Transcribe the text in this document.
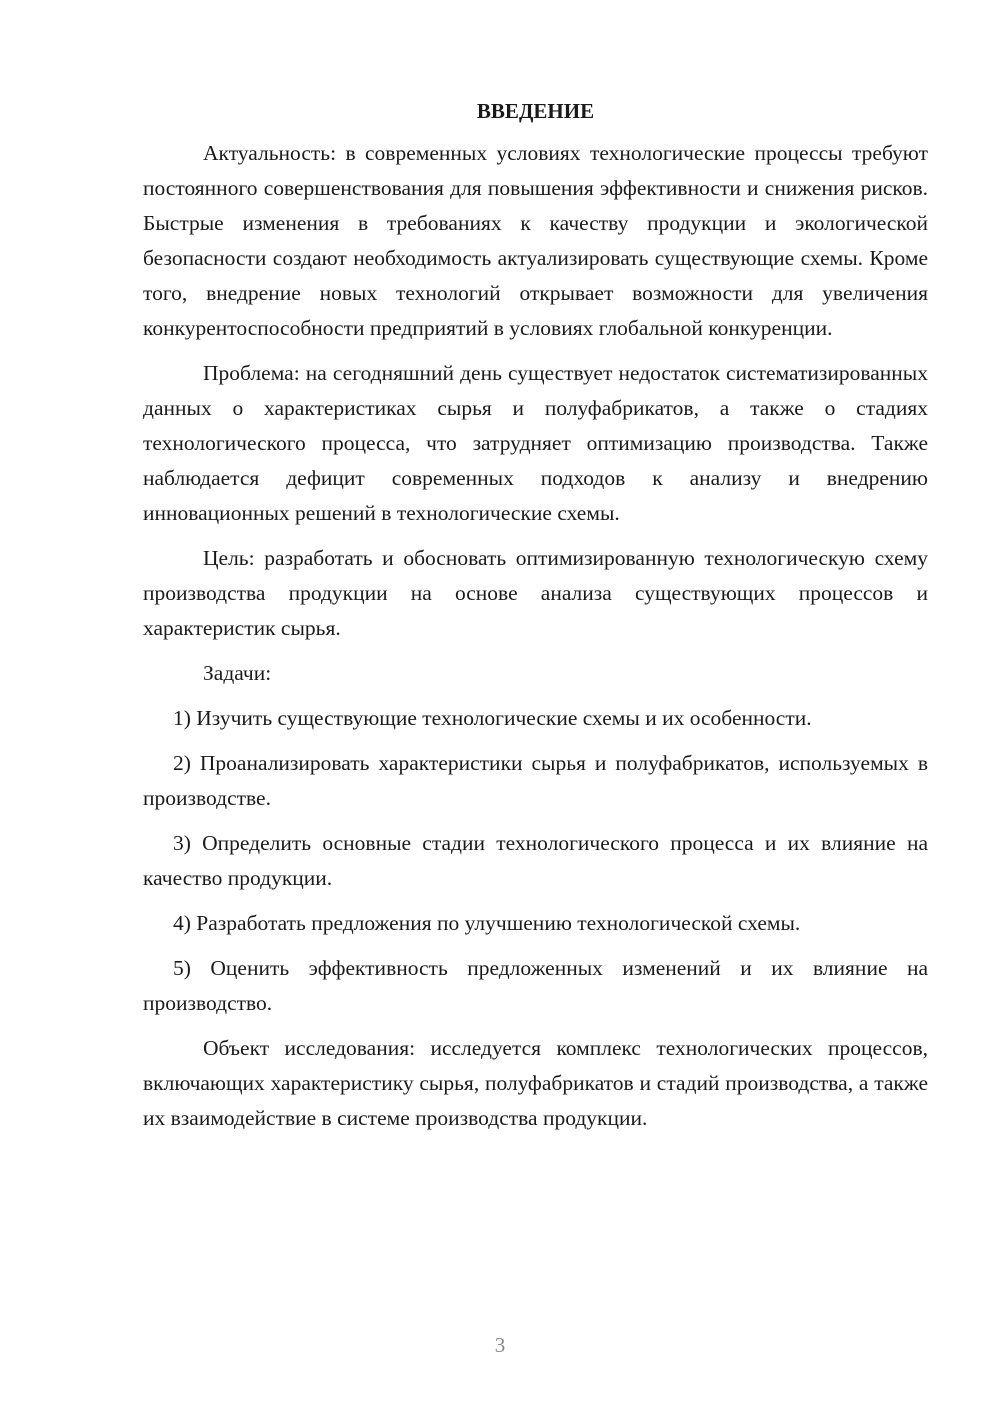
ВВЕДЕНИЕ

Актуальность: в современных условиях технологические процессы требуют постоянного совершенствования для повышения эффективности и снижения рисков. Быстрые изменения в требованиях к качеству продукции и экологической безопасности создают необходимость актуализировать существующие схемы. Кроме того, внедрение новых технологий открывает возможности для увеличения конкурентоспособности предприятий в условиях глобальной конкуренции.

Проблема: на сегодняшний день существует недостаток систематизированных данных о характеристиках сырья и полуфабрикатов, а также о стадиях технологического процесса, что затрудняет оптимизацию производства. Также наблюдается дефицит современных подходов к анализу и внедрению инновационных решений в технологические схемы.

Цель: разработать и обосновать оптимизированную технологическую схему производства продукции на основе анализа существующих процессов и характеристик сырья.

Задачи:

1) Изучить существующие технологические схемы и их особенности.

2) Проанализировать характеристики сырья и полуфабрикатов, используемых в производстве.

3) Определить основные стадии технологического процесса и их влияние на качество продукции.

4) Разработать предложения по улучшению технологической схемы.

5) Оценить эффективность предложенных изменений и их влияние на производство.

Объект исследования: исследуется комплекс технологических процессов, включающих характеристику сырья, полуфабрикатов и стадий производства, а также их взаимодействие в системе производства продукции.

3
